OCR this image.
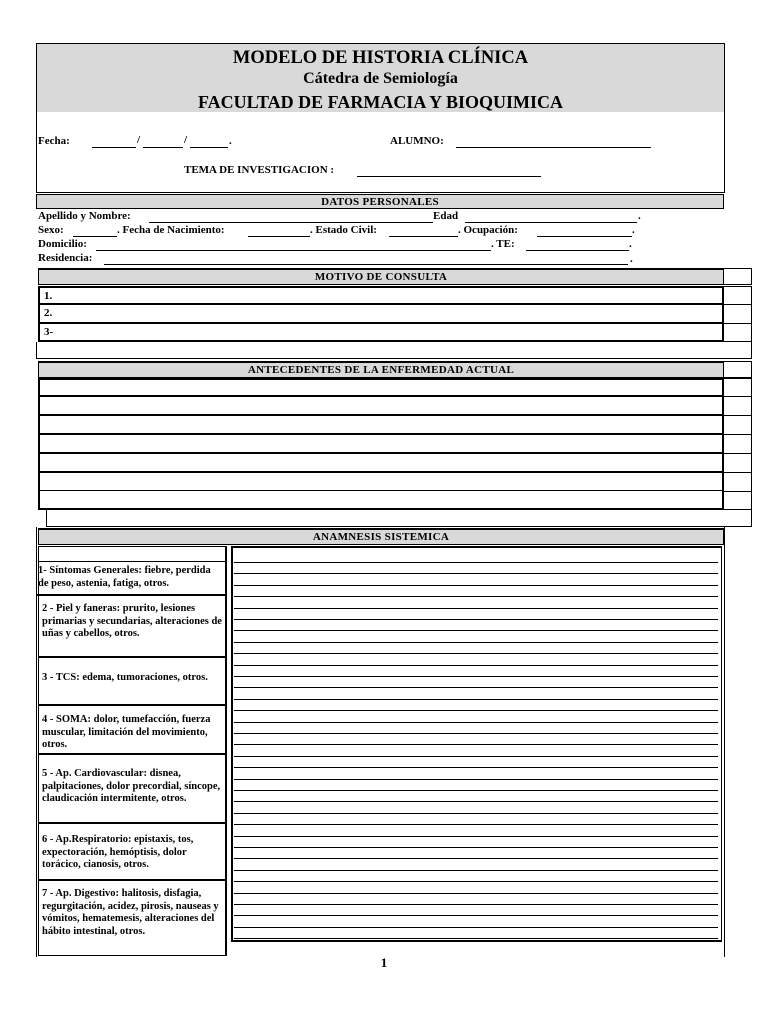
MODELO DE HISTORIA CLÍNICA
Cátedra de Semiología
FACULTAD DE FARMACIA Y BIOQUIMICA
Fecha:	/	/	.	ALUMNO:
TEMA DE INVESTIGACION :
DATOS PERSONALES
Apellido y Nombre:	Edad	.
Sexo:	. Fecha de Nacimiento:	. Estado Civil:	. Ocupación:	.
Domicilio:	. TE:	.
Residencia:	.
MOTIVO DE CONSULTA
1.
2.
3-
ANTECEDENTES DE LA ENFERMEDAD ACTUAL
ANAMNESIS SISTEMICA
1- Síntomas Generales: fiebre, perdida de peso, astenia, fatiga, otros.
2 - Piel y faneras: prurito, lesiones primarias y secundarias, alteraciones de uñas y cabellos, otros.
3 - TCS: edema, tumoraciones, otros.
4 - SOMA: dolor, tumefacción, fuerza muscular, limitación del movimiento, otros.
5 - Ap. Cardiovascular: disnea, palpitaciones, dolor precordial, síncope, claudicación intermitente, otros.
6 - Ap.Respiratorio: epistaxis, tos, expectoración, hemóptisis, dolor torácico, cianosis, otros.
7 - Ap. Digestivo: halitosis, disfagia, regurgitación, acidez, pirosis, nauseas y vómitos, hematemesis, alteraciones del hábito intestinal, otros.
1
